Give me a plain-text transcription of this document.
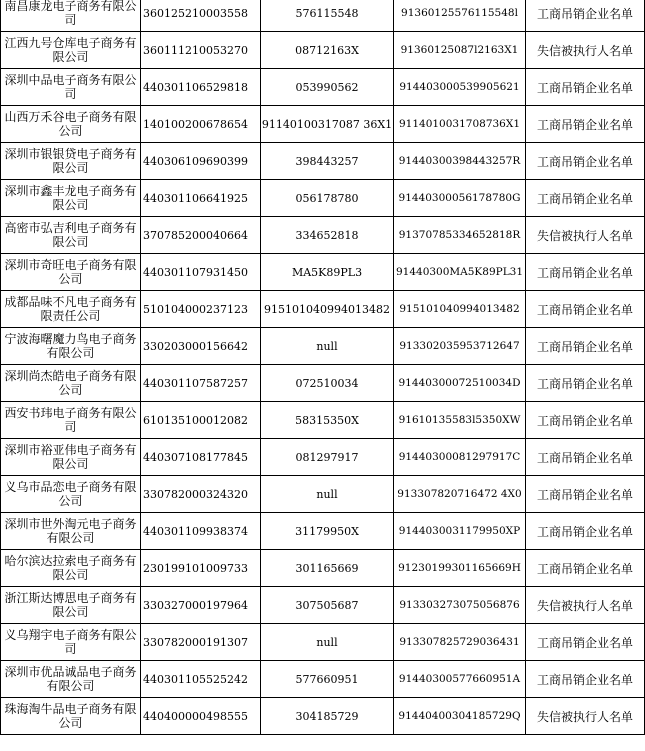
南昌康龙电子商务有限公司	360125210003558	576115548	91360125576115548l	工商吊销企业名单
江西九号仓库电子商务有限公司	360111210053270	08712163X	91360125087l2163X1	失信被执行人名单
深圳中品电子商务有限公司	440301106529818	053990562	914403000539905621	工商吊销企业名单
山西万禾谷电子商务有限公司	140100200678654	91140100317087 36X1	9114010031708736X1	工商吊销企业名单
深圳市银银贷电子商务有限公司	440306109690399	398443257	91440300398443257R	工商吊销企业名单
深圳市鑫丰龙电子商务有限公司	440301106641925	056178780	91440300056178780G	工商吊销企业名单
高密市弘吉利电子商务有限公司	370785200040664	334652818	91370785334652818R	失信被执行人名单
深圳市奇旺电子商务有限公司	440301107931450	MA5K89PL3	91440300MA5K89PL31	工商吊销企业名单
成都品味不凡电子商务有限责任公司	510104000237123	915101040994013482	915101040994013482	工商吊销企业名单
宁波海曙魔力鸟电子商务有限公司	330203000156642	null	913302035953712647	工商吊销企业名单
深圳尚杰皓电子商务有限公司	440301107587257	072510034	91440300072510034D	工商吊销企业名单
西安书玮电子商务有限公司	610135100012082	58315350X	91610135583l5350XW	工商吊销企业名单
深圳市裕亚伟电子商务有限公司	440307108177845	081297917	91440300081297917C	工商吊销企业名单
义乌市品恋电子商务有限公司	330782000324320	null	913307820716472 4X0	工商吊销企业名单
深圳市世外淘元电子商务有限公司	440301109938374	31179950X	9144030031179950XP	工商吊销企业名单
哈尔滨达拉索电子商务有限公司	230199101009733	301165669	91230199301165669H	工商吊销企业名单
浙江斯达博思电子商务有限公司	330327000197964	307505687	913303273075056876	失信被执行人名单
义乌翔宇电子商务有限公司	330782000191307	null	913307825729036431	工商吊销企业名单
深圳市优品诚品电子商务有限公司	440301105525242	577660951	91440300577660951A	工商吊销企业名单
珠海淘牛品电子商务有限公司	440400000498555	304185729	91440400304185729Q	失信被执行人名单
